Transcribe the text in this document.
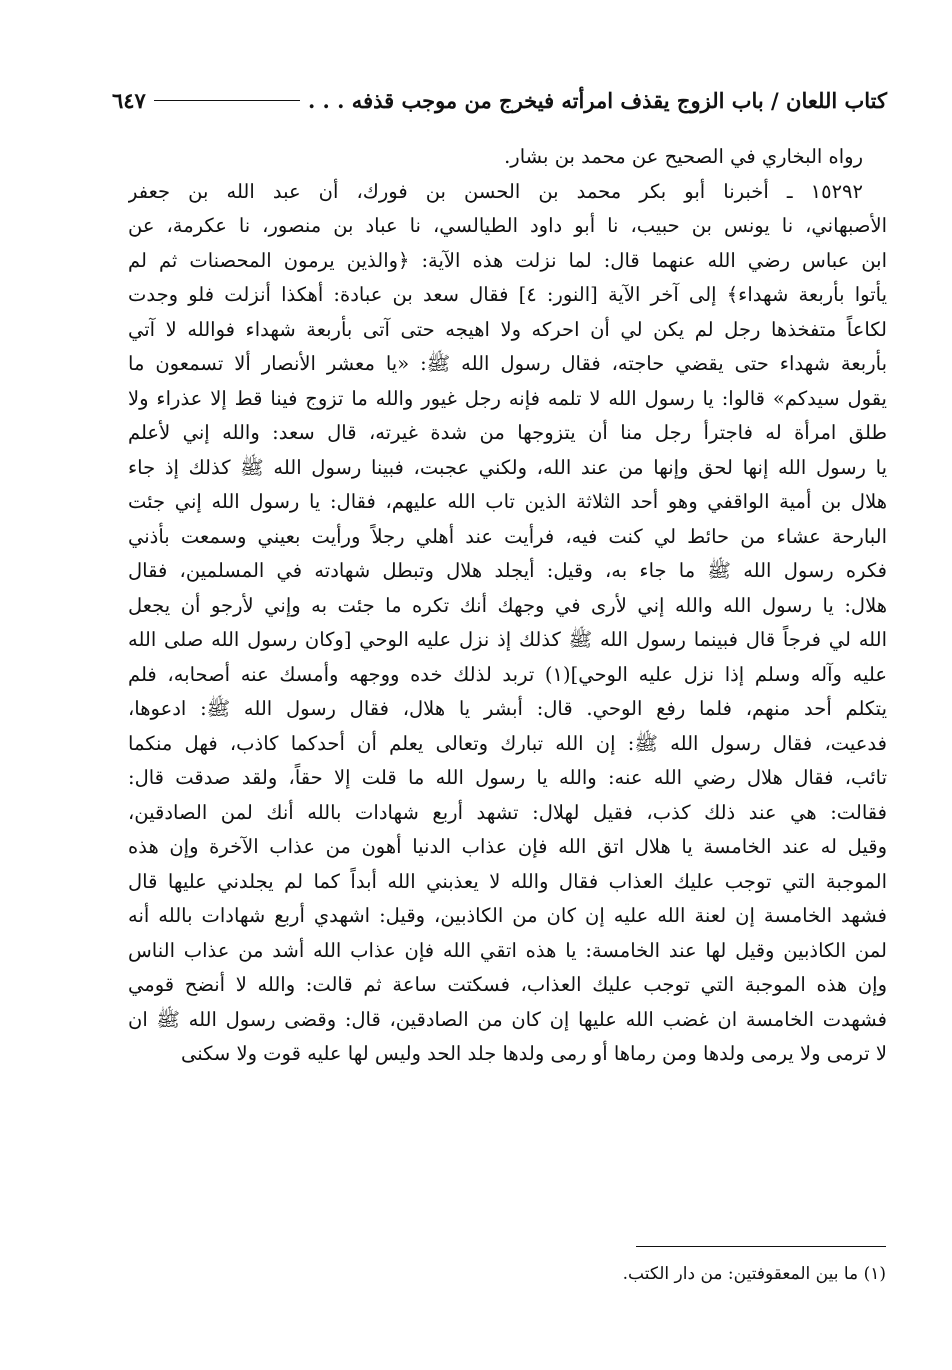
كتاب اللعان / باب الزوج يقذف امرأته فيخرج من موجب قذفه . . .
٦٤٧
رواه البخاري في الصحيح عن محمد بن بشار.
١٥٢٩٢ ـ أخبرنا أبو بكر محمد بن الحسن بن فورك، أن عبد الله بن جعفر
الأصبهاني، نا يونس بن حبيب، نا أبو داود الطيالسي، نا عباد بن منصور، نا عكرمة، عن
ابن عباس رضي الله عنهما قال: لما نزلت هذه الآية: ﴿والذين يرمون المحصنات ثم لم
يأتوا بأربعة شهداء﴾ إلى آخر الآية [النور: ٤] فقال سعد بن عبادة: أهكذا أنزلت فلو وجدت
لكاعاً متفخذها رجل لم يكن لي أن احركه ولا اهيجه حتى آتى بأربعة شهداء فوالله لا آتي
بأربعة شهداء حتى يقضي حاجته، فقال رسول الله ﷺ: «يا معشر الأنصار ألا تسمعون ما
يقول سيدكم» قالوا: يا رسول الله لا تلمه فإنه رجل غيور والله ما تزوج فينا قط إلا عذراء ولا
طلق امرأة له فاجترأ رجل منا أن يتزوجها من شدة غيرته، قال سعد: والله إني لأعلم
يا رسول الله إنها لحق وإنها من عند الله، ولكني عجبت، فبينا رسول الله ﷺ كذلك إذ جاء
هلال بن أمية الواقفي وهو أحد الثلاثة الذين تاب الله عليهم، فقال: يا رسول الله إني جئت
البارحة عشاء من حائط لي كنت فيه، فرأيت عند أهلي رجلاً ورأيت بعيني وسمعت بأذني
فكره رسول الله ﷺ ما جاء به، وقيل: أيجلد هلال وتبطل شهادته في المسلمين، فقال
هلال: يا رسول الله والله إني لأرى في وجهك أنك تكره ما جئت به وإني لأرجو أن يجعل
الله لي فرجاً قال فبينما رسول الله ﷺ كذلك إذ نزل عليه الوحي [وكان رسول الله صلى الله
عليه وآله وسلم إذا نزل عليه الوحي](١) تربد لذلك خده ووجهه وأمسك عنه أصحابه، فلم
يتكلم أحد منهم، فلما رفع الوحي. قال: أبشر يا هلال، فقال رسول الله ﷺ: ادعوها،
فدعيت، فقال رسول الله ﷺ: إن الله تبارك وتعالى يعلم أن أحدكما كاذب، فهل منكما
تائب، فقال هلال رضي الله عنه: والله يا رسول الله ما قلت إلا حقاً، ولقد صدقت قال:
فقالت: هي عند ذلك كذب، فقيل لهلال: تشهد أربع شهادات بالله أنك لمن الصادقين،
وقيل له عند الخامسة يا هلال اتق الله فإن عذاب الدنيا أهون من عذاب الآخرة وإن هذه
الموجبة التي توجب عليك العذاب فقال والله لا يعذبني الله أبداً كما لم يجلدني عليها قال
فشهد الخامسة إن لعنة الله عليه إن كان من الكاذبين، وقيل: اشهدي أربع شهادات بالله أنه
لمن الكاذبين وقيل لها عند الخامسة: يا هذه اتقي الله فإن عذاب الله أشد من عذاب الناس
وإن هذه الموجبة التي توجب عليك العذاب، فسكتت ساعة ثم قالت: والله لا أنضح قومي
فشهدت الخامسة ان غضب الله عليها إن كان من الصادقين، قال: وقضى رسول الله ﷺ ان
لا ترمى ولا يرمى ولدها ومن رماها أو رمى ولدها جلد الحد وليس لها عليه قوت ولا سكنى
(١) ما بين المعقوفتين: من دار الكتب.
